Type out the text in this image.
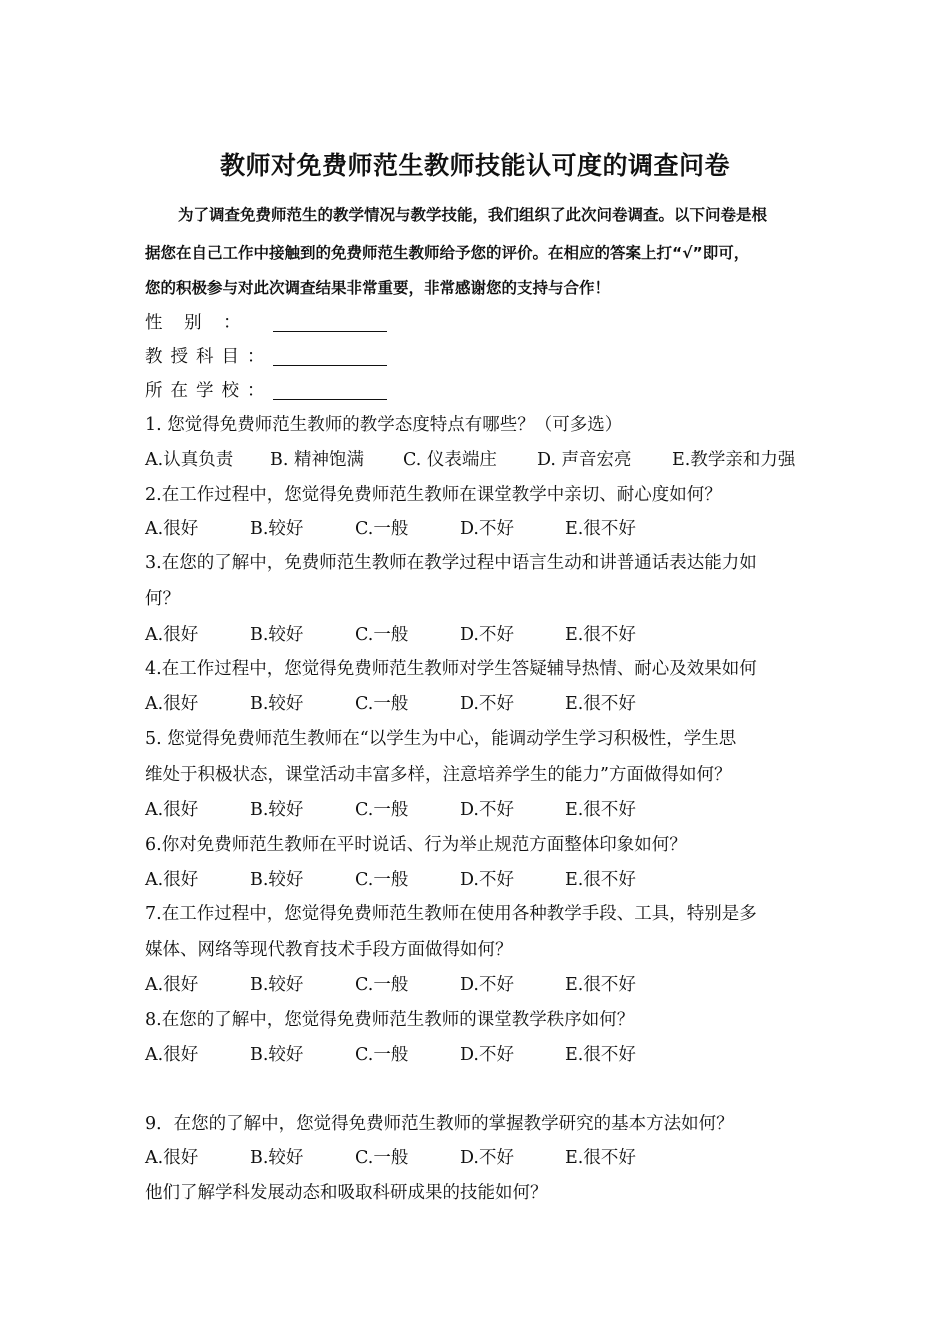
教师对免费师范生教师技能认可度的调查问卷
为了调查免费师范生的教学情况与教学技能，我们组织了此次问卷调查。以下问卷是根
据您在自己工作中接触到的免费师范生教师给予您的评价。在相应的答案上打“√”即可，
您的积极参与对此次调查结果非常重要，非常感谢您的支持与合作！
性 别 ：
教授科目：
所在学校：
1. 您觉得免费师范生教师的教学态度特点有哪些？（可多选）
A.认真负责 B. 精神饱满 C. 仪表端庄 D. 声音宏亮 E.教学亲和力强
2.在工作过程中，您觉得免费师范生教师在课堂教学中亲切、耐心度如何？
A.很好	B.较好	C.一般	D.不好	E.很不好
3.在您的了解中，免费师范生教师在教学过程中语言生动和讲普通话表达能力如
何？
A.很好	B.较好	C.一般	D.不好	E.很不好
4.在工作过程中，您觉得免费师范生教师对学生答疑辅导热情、耐心及效果如何
A.很好	B.较好	C.一般	D.不好	E.很不好
5. 您觉得免费师范生教师在“以学生为中心，能调动学生学习积极性，学生思
维处于积极状态，课堂活动丰富多样，注意培养学生的能力”方面做得如何？
A.很好	B.较好	C.一般	D.不好	E.很不好
6.你对免费师范生教师在平时说话、行为举止规范方面整体印象如何？
A.很好	B.较好	C.一般	D.不好	E.很不好
7.在工作过程中，您觉得免费师范生教师在使用各种教学手段、工具，特别是多
媒体、网络等现代教育技术手段方面做得如何？
A.很好	B.较好	C.一般	D.不好	E.很不好
8.在您的了解中，您觉得免费师范生教师的课堂教学秩序如何？
A.很好	B.较好	C.一般	D.不好	E.很不好
9．在您的了解中，您觉得免费师范生教师的掌握教学研究的基本方法如何？
A.很好	B.较好	C.一般	D.不好	E.很不好
他们了解学科发展动态和吸取科研成果的技能如何？
